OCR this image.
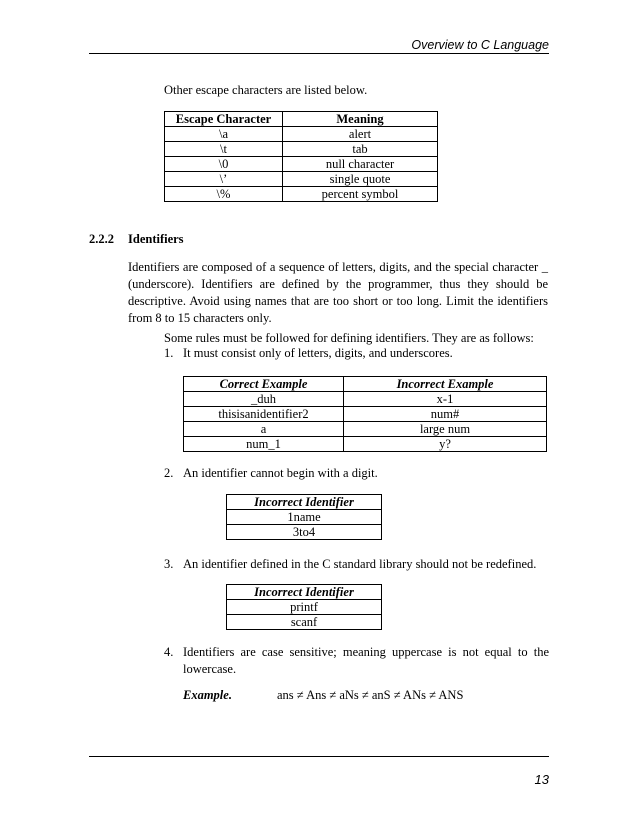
Overview to C Language
Other escape characters are listed below.
Escape Character	Meaning
\a	alert
\t	tab
\0	null character
\’	single quote
\%	percent symbol
2.2.2 Identifiers
Identifiers are composed of a sequence of letters, digits, and the special character _ (underscore). Identifiers are defined by the programmer, thus they should be descriptive. Avoid using names that are too short or too long. Limit the identifiers from 8 to 15 characters only.
Some rules must be followed for defining identifiers. They are as follows:
1. It must consist only of letters, digits, and underscores.
Correct Example	Incorrect Example
_duh	x-1
thisisanidentifier2	num#
a	large num
num_1	y?
2. An identifier cannot begin with a digit.
Incorrect Identifier
1name
3to4
3. An identifier defined in the C standard library should not be redefined.
Incorrect Identifier
printf
scanf
4. Identifiers are case sensitive; meaning uppercase is not equal to the lowercase.
Example.	ans ≠ Ans ≠ aNs ≠ anS ≠ ANs ≠ ANS
13
